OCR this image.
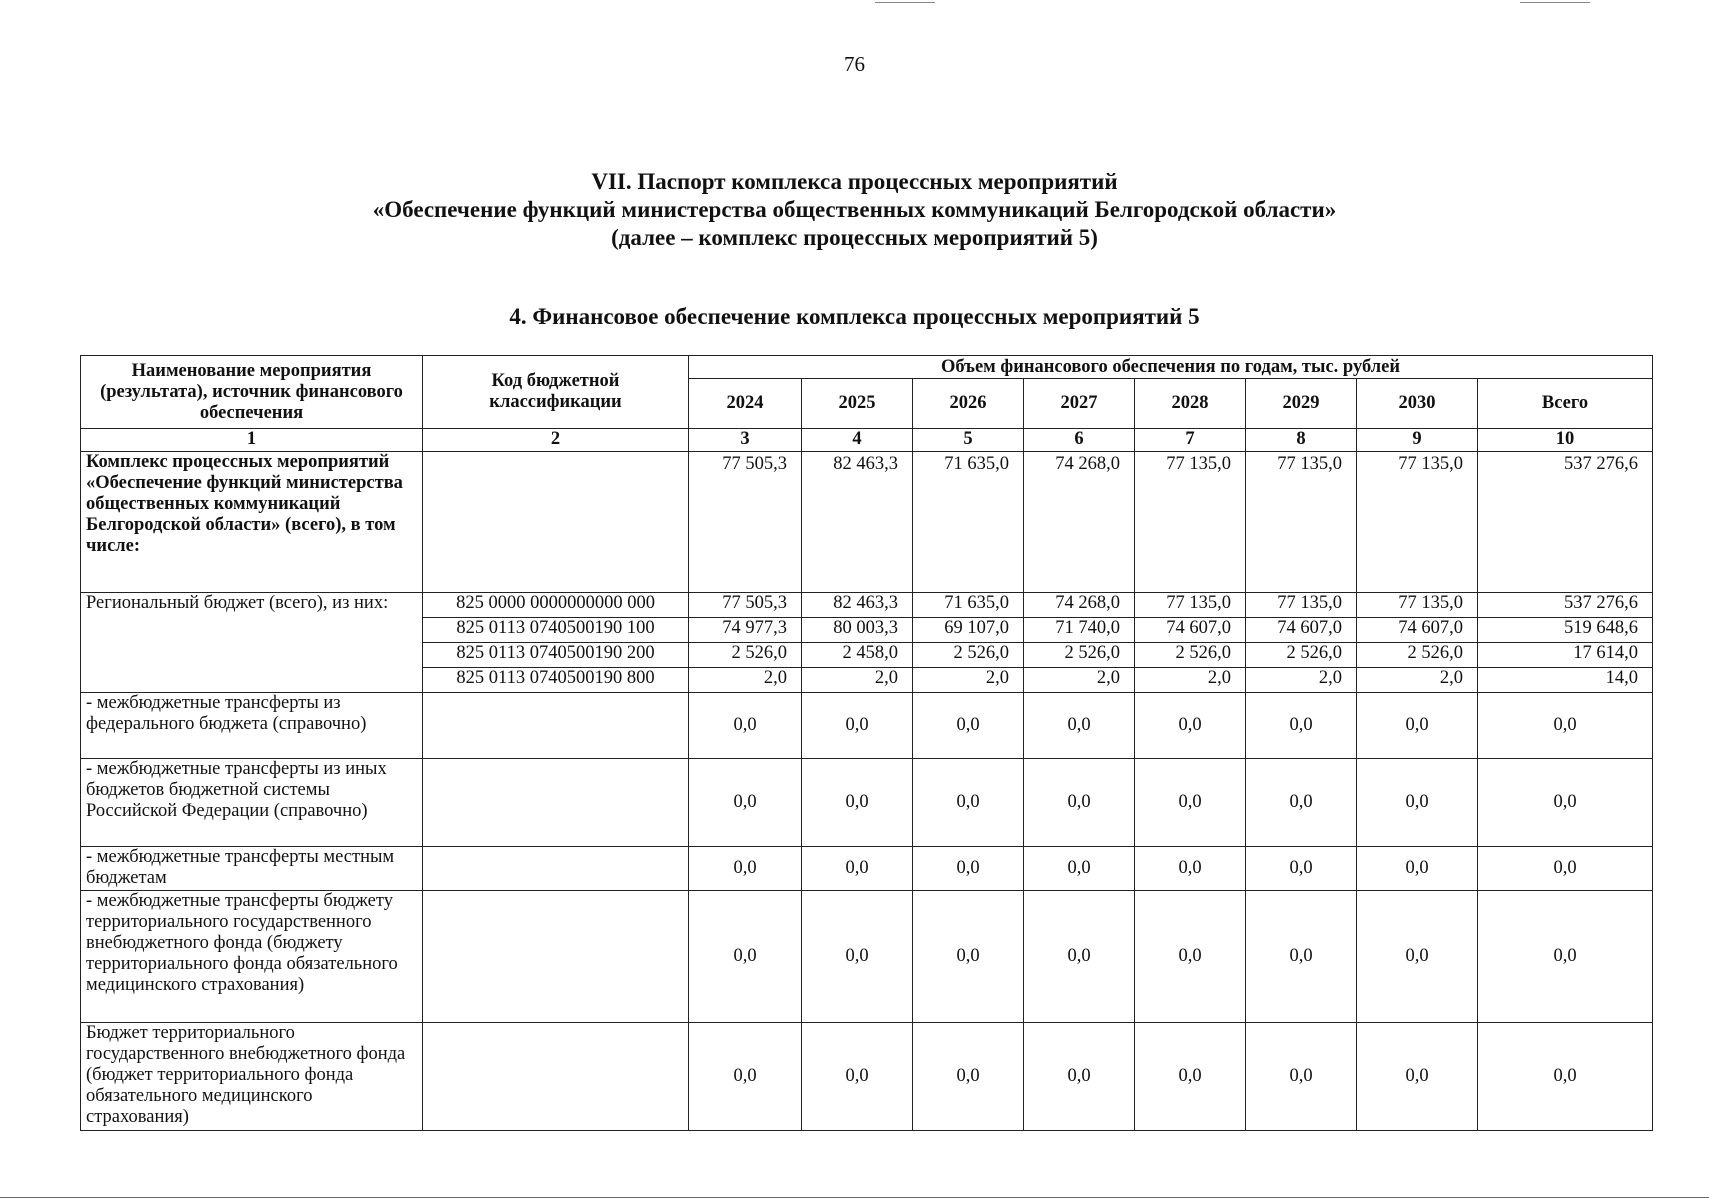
76
VII. Паспорт комплекса процессных мероприятий
«Обеспечение функций министерства общественных коммуникаций Белгородской области»
(далее – комплекс процессных мероприятий 5)
4. Финансовое обеспечение комплекса процессных мероприятий 5
Наименование мероприятия (результата), источник финансового обеспечения	Код бюджетной классификации	Объем финансового обеспечения по годам, тыс. рублей							
		2024	2025	2026	2027	2028	2029	2030	Всего
1	2	3	4	5	6	7	8	9	10
Комплекс процессных мероприятий «Обеспечение функций министерства общественных коммуникаций Белгородской области» (всего), в том числе:		77 505,3	82 463,3	71 635,0	74 268,0	77 135,0	77 135,0	77 135,0	537 276,6
Региональный бюджет (всего), из них:	825 0000 0000000000 000	77 505,3	82 463,3	71 635,0	74 268,0	77 135,0	77 135,0	77 135,0	537 276,6
	825 0113 0740500190 100	74 977,3	80 003,3	69 107,0	71 740,0	74 607,0	74 607,0	74 607,0	519 648,6
	825 0113 0740500190 200	2 526,0	2 458,0	2 526,0	2 526,0	2 526,0	2 526,0	2 526,0	17 614,0
	825 0113 0740500190 800	2,0	2,0	2,0	2,0	2,0	2,0	2,0	14,0
- межбюджетные трансферты из федерального бюджета (справочно)		0,0	0,0	0,0	0,0	0,0	0,0	0,0	0,0
- межбюджетные трансферты из иных бюджетов бюджетной системы Российской Федерации (справочно)		0,0	0,0	0,0	0,0	0,0	0,0	0,0	0,0
- межбюджетные трансферты местным бюджетам		0,0	0,0	0,0	0,0	0,0	0,0	0,0	0,0
- межбюджетные трансферты бюджету территориального государственного внебюджетного фонда (бюджету территориального фонда обязательного медицинского страхования)		0,0	0,0	0,0	0,0	0,0	0,0	0,0	0,0
Бюджет территориального государственного внебюджетного фонда (бюджет территориального фонда обязательного медицинского страхования)		0,0	0,0	0,0	0,0	0,0	0,0	0,0	0,0
